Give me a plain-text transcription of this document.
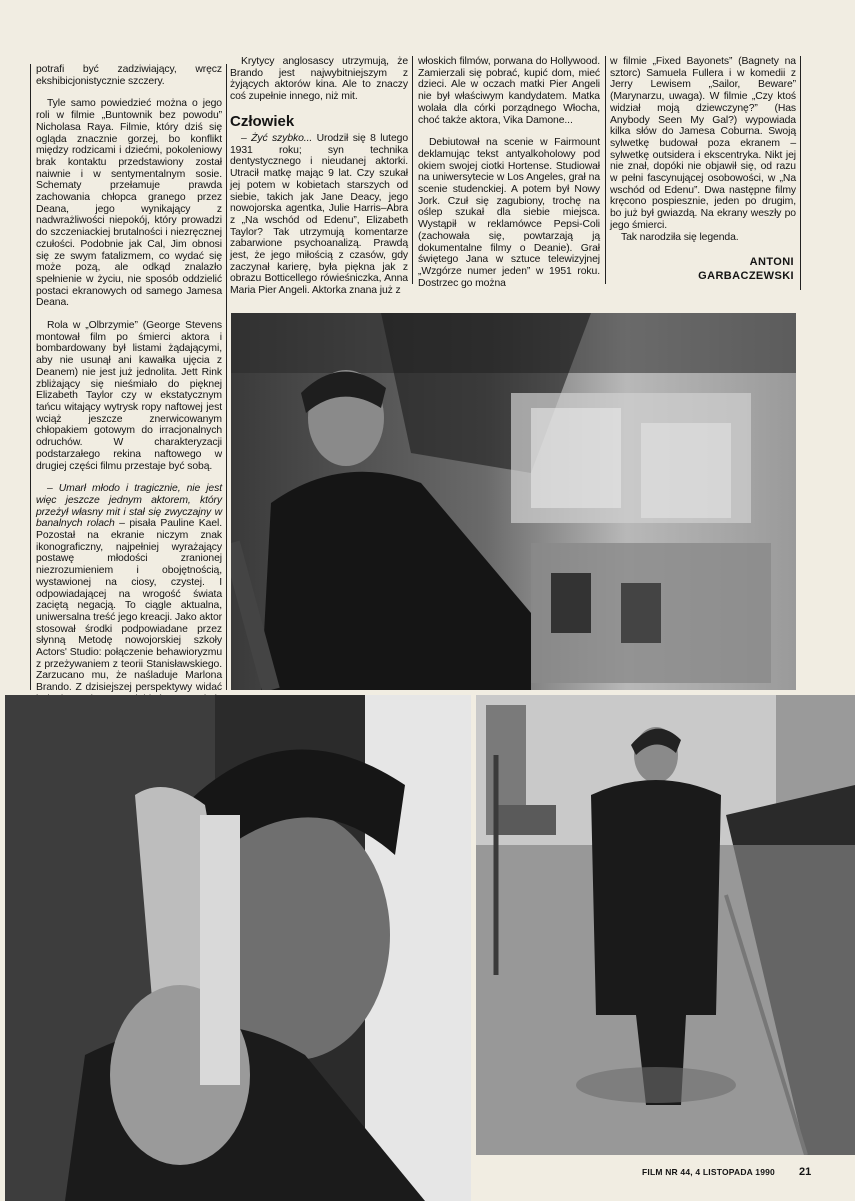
potrafi być zadziwiający, wręcz ekshibicjonistycznie szczery.

Tyle samo powiedzieć można o jego roli w filmie „Buntownik bez powodu” Nicholasa Raya. Filmie, który dziś się ogląda znacznie gorzej, bo konflikt między rodzicami i dziećmi, pokoleniowy brak kontaktu przedstawiony został naiwnie i w sentymentalnym sosie. Schematy przełamuje prawda zachowania chłopca granego przez Deana, jego wynikający z nadwrażliwości niepokój, który prowadzi do szczeniackiej brutalności i niezręcznej czułości. Podobnie jak Cal, Jim obnosi się ze swym fatalizmem, co wydać się może pozą, ale odkąd znalazło spełnienie w życiu, nie sposób oddzielić postaci ekranowych od samego Jamesa Deana.

Rola w „Olbrzymie” (George Stevens montował film po śmierci aktora i bombardowany był listami żądającymi, aby nie usunął ani kawałka ujęcia z Deanem) nie jest już jednolita. Jett Rink zbliżający się nieśmiało do pięknej Elizabeth Taylor czy w ekstatycznym tańcu witający wytrysk ropy naftowej jest wciąż jeszcze znerwicowanym chłopakiem gotowym do irracjonalnych odruchów. W charakteryzacji podstarzałego rekina naftowego w drugiej części filmu przestaje być sobą.

– Umarł młodo i tragicznie, nie jest więc jeszcze jednym aktorem, który przeżył własny mit i stał się zwyczajny w banalnych rolach – pisała Pauline Kael. Pozostał na ekranie niczym znak ikonograficzny, najpełniej wyrażający postawę młodości zranionej niezrozumieniem i obojętnością, wystawionej na ciosy, czystej. I odpowiadającej na wrogość świata zaciętą negacją. To ciągle aktualna, uniwersalna treść jego kreacji. Jako aktor stosował środki podpowiadane przez słynną Metodę nowojorskiej szkoły Actors' Studio: połączenie behawioryzmu z przeżywaniem z teorii Stanisławskiego. Zarzucano mu, że naśladuje Marlona Brando. Z dzisiejszej perspektywy widać

Krytycy anglosascy utrzymują, że Brando jest najwybitniejszym z żyjących aktorów kina. Ale to znaczy coś zupełnie innego, niż mit.

Człowiek

– Żyć szybko... Urodził się 8 lutego 1931 roku; syn technika dentystycznego i nieudanej aktorki. Utracił matkę mając 9 lat. Czy szukał jej potem w kobietach starszych od siebie, takich jak Jane Deacy, jego nowojorska agentka, Julie Harris–Abra z „Na wschód od Edenu”, Elizabeth Taylor? Tak utrzymują komentarze zabarwione psychoanalizą. Prawdą jest, że jego miłością z czasów, gdy zaczynał karierę, była piękna jak z obrazu Botticellego rówieśniczka, Anna Maria Pier Angeli. Aktorka znana już z

włoskich filmów, porwana do Hollywood. Zamierzali się pobrać, kupić dom, mieć dzieci. Ale w oczach matki Pier Angeli nie był właściwym kandydatem. Matka wolała dla córki porządnego Włocha, choć także aktora, Vika Damone...

Debiutował na scenie w Fairmount deklamując tekst antyalkoholowy pod okiem swojej ciotki Hortense. Studiował na uniwersytecie w Los Angeles, grał na scenie studenckiej. A potem był Nowy Jork. Czuł się zagubiony, trochę na oślep szukał dla siebie miejsca. Wystąpił w reklamówce Pepsi-Coli (zachowała się, powtarzają ją dokumentalne filmy o Deanie). Grał świętego Jana w sztuce telewizyjnej „Wzgórze numer jeden” w 1951 roku. Dostrzec go można

w filmie „Fixed Bayonets” (Bagnety na sztorc) Samuela Fullera i w komedii z Jerry Lewisem „Sailor, Beware” (Marynarzu, uwaga). W filmie „Czy ktoś widział moją dziewczynę?” (Has Anybody Seen My Gal?) wypowiada kilka słów do Jamesa Coburna. Swoją sylwetkę budował poza ekranem – sylwetkę outsidera i ekscentryka. Nikt jej nie znał, dopóki nie objawił się, od razu w pełni fascynującej osobowości, w „Na wschód od Edenu”. Dwa następne filmy kręcono pospiesznie, jeden po drugim, bo już był gwiazdą. Na ekrany weszły po jego śmierci.

Tak narodziła się legenda.

ANTONI
GARBACZEWSKI
FILM NR 44, 4 LISTOPADA 1990 21
